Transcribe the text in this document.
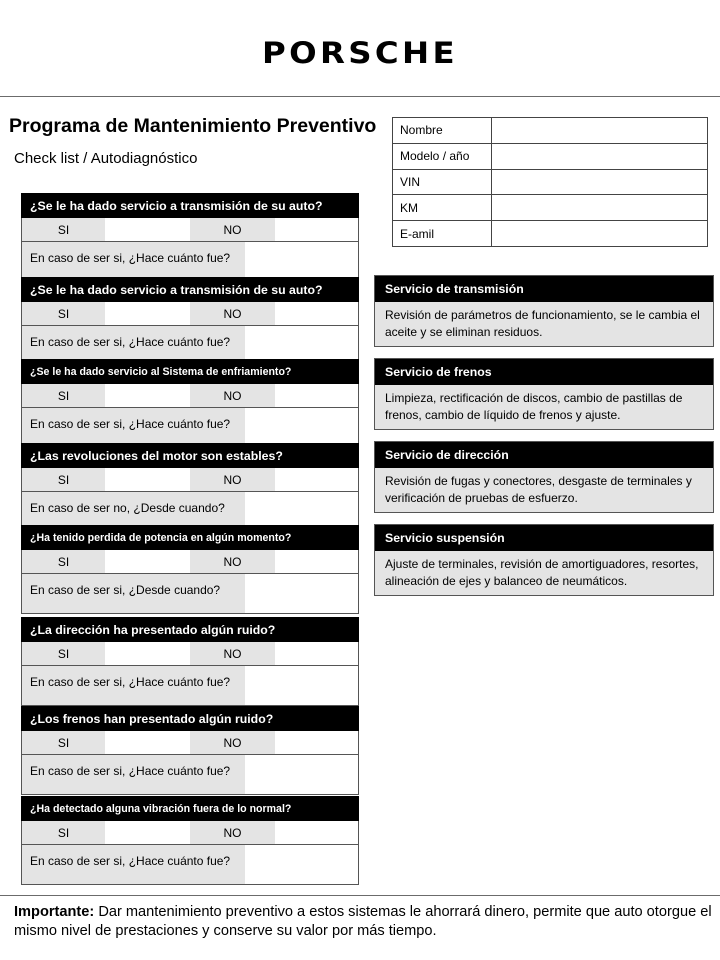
PORSCHE
Programa de Mantenimiento Preventivo
Check list / Autodiagnóstico
Nombre	
Modelo / año	
VIN	
KM	
E-amil	
¿Se le ha dado servicio a transmisión de su auto?
SI	NO
En caso de ser si, ¿Hace cuánto fue?
¿Se le ha dado servicio a transmisión de su auto?
SI	NO
En caso de ser si, ¿Hace cuánto fue?
¿Se le ha dado servicio al Sistema de enfriamiento?
SI	NO
En caso de ser si, ¿Hace cuánto fue?
¿Las revoluciones del motor son estables?
SI	NO
En caso de ser no, ¿Desde cuando?
¿Ha tenido perdida de potencia en algún momento?
SI	NO
En caso de ser si, ¿Desde cuando?
¿La dirección ha presentado algún ruido?
SI	NO
En caso de ser si, ¿Hace cuánto fue?
¿Los frenos han presentado algún ruido?
SI	NO
En caso de ser si, ¿Hace cuánto fue?
¿Ha detectado alguna vibración fuera de lo normal?
SI	NO
En caso de ser si, ¿Hace cuánto fue?
Servicio de transmisión
Revisión de parámetros de funcionamiento, se le cambia el aceite y se eliminan residuos.
Servicio de frenos
Limpieza, rectificación de discos, cambio de pastillas de frenos, cambio de líquido de frenos y ajuste.
Servicio de dirección
Revisión de fugas y conectores, desgaste de terminales y verificación de pruebas de esfuerzo.
Servicio suspensión
Ajuste de terminales, revisión de amortiguadores, resortes, alineación de ejes y balanceo de neumáticos.
Importante: Dar mantenimiento preventivo a estos sistemas le ahorrará dinero, permite que auto otorgue el mismo nivel de prestaciones y conserve su valor por más tiempo.
